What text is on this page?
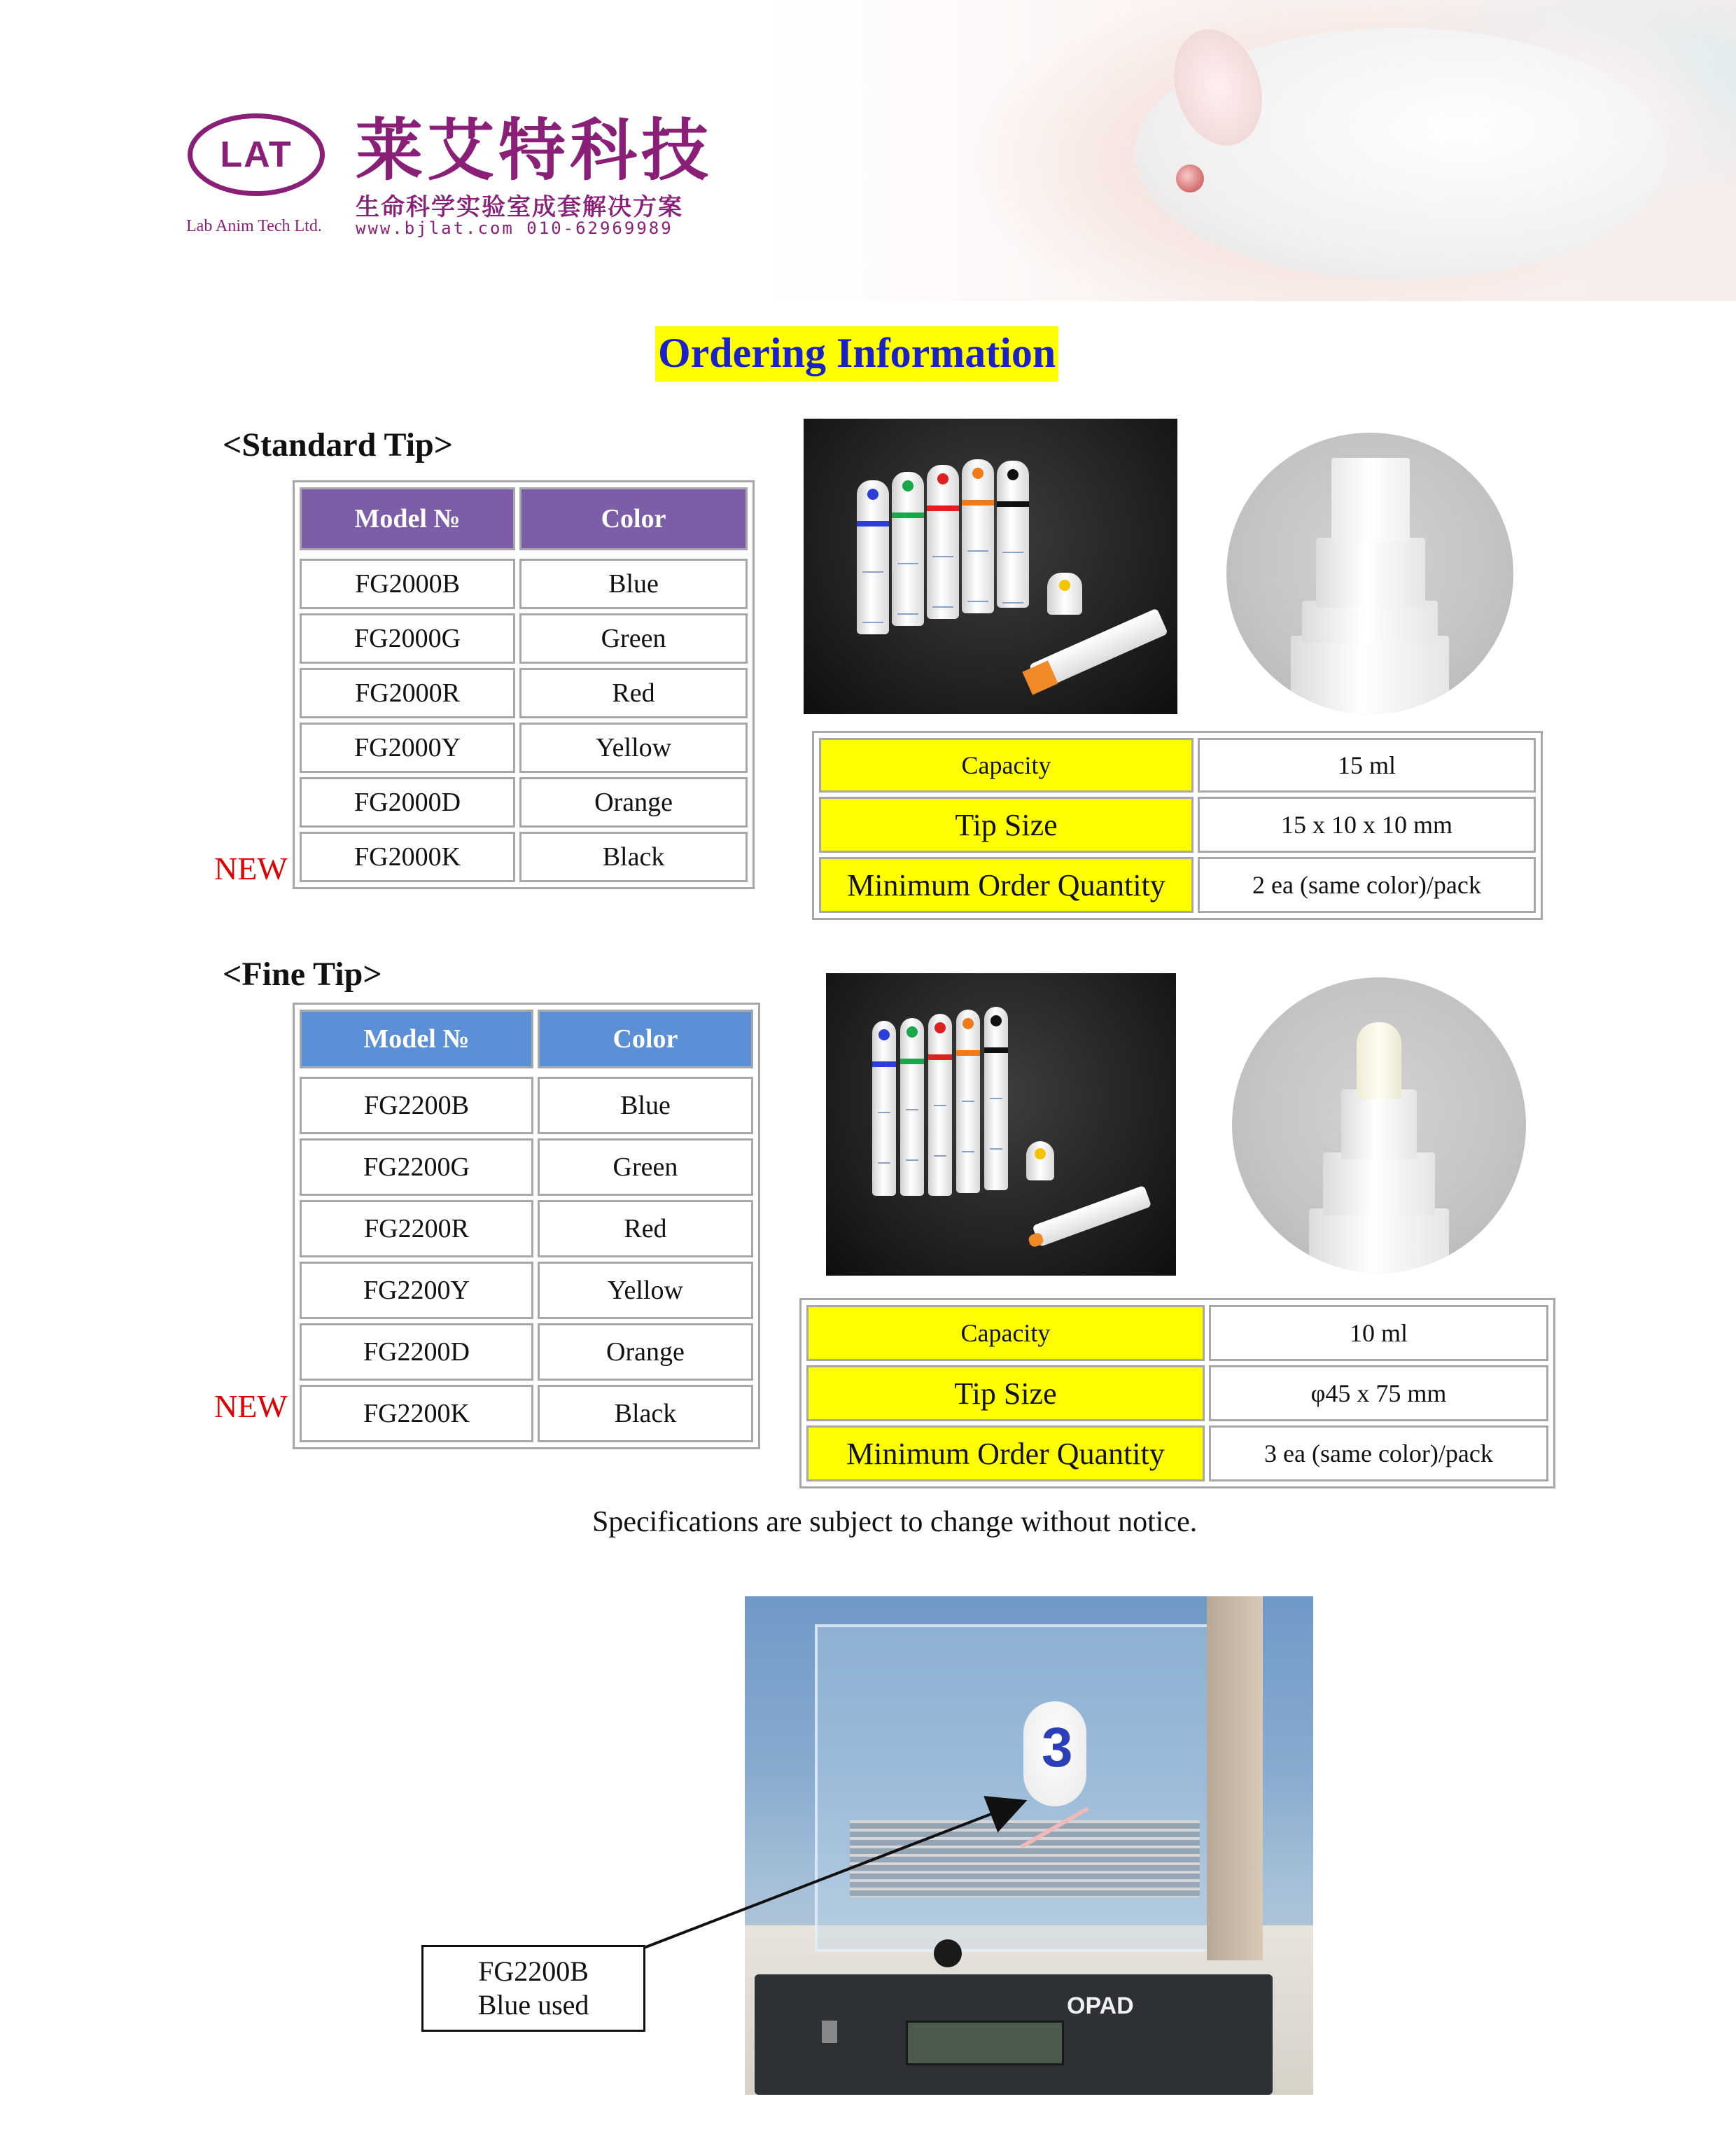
LAT 莱艾特科技
生命科学实验室成套解决方案
Lab Anim Tech Ltd. www.bjlat.com 010-62969989
Ordering Information
<Standard Tip>
Model №	Color
FG2000B	Blue
FG2000G	Green
FG2000R	Red
FG2000Y	Yellow
FG2000D	Orange
FG2000K	Black
NEW
Capacity	15 ml
Tip Size	15 x 10 x 10 mm
Minimum Order Quantity	2 ea (same color)/pack
<Fine Tip>
Model №	Color
FG2200B	Blue
FG2200G	Green
FG2200R	Red
FG2200Y	Yellow
FG2200D	Orange
FG2200K	Black
NEW
Capacity	10 ml
Tip Size	φ45 x 75 mm
Minimum Order Quantity	3 ea (same color)/pack
Specifications are subject to change without notice.
OPAD
3
FG2200B
Blue used
